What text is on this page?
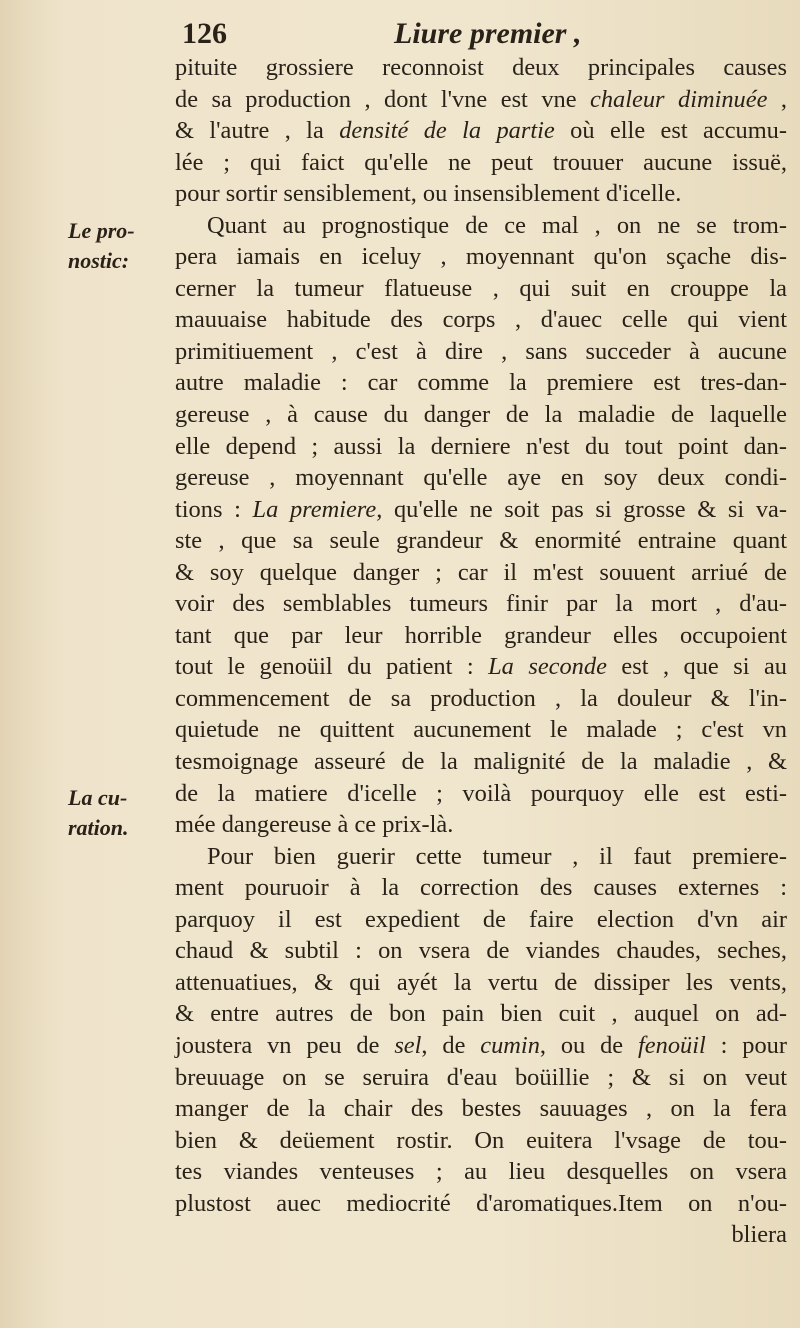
126	Liure premier ,
Le pro-
nostic:
La cu-
ration.
pituite grossiere reconnoist deux principales causes
de sa production , dont l'vne est vne chaleur diminuée ,
& l'autre , la densité de la partie où elle est accumu-
lée ; qui faict qu'elle ne peut trouuer aucune issuë,
pour sortir sensiblement, ou insensiblement d'icelle.
Quant au prognostique de ce mal , on ne se trom-
pera iamais en iceluy , moyennant qu'on sçache dis-
cerner la tumeur flatueuse , qui suit en crouppe la
mauuaise habitude des corps , d'auec celle qui vient
primitiuement , c'est à dire , sans succeder à aucune
autre maladie : car comme la premiere est tres-dan-
gereuse , à cause du danger de la maladie de laquelle
elle depend ; aussi la derniere n'est du tout point dan-
gereuse , moyennant qu'elle aye en soy deux condi-
tions : La premiere, qu'elle ne soit pas si grosse & si va-
ste , que sa seule grandeur & enormité entraine quant
& soy quelque danger ; car il m'est souuent arriué de
voir des semblables tumeurs finir par la mort , d'au-
tant que par leur horrible grandeur elles occupoient
tout le genoüil du patient : La seconde est , que si au
commencement de sa production , la douleur & l'in-
quietude ne quittent aucunement le malade ; c'est vn
tesmoignage asseuré de la malignité de la maladie , &
de la matiere d'icelle ; voilà pourquoy elle est esti-
mée dangereuse à ce prix-là.
Pour bien guerir cette tumeur , il faut premiere-
ment pouruoir à la correction des causes externes :
parquoy il est expedient de faire election d'vn air
chaud & subtil : on vsera de viandes chaudes, seches,
attenuatiues, & qui ayét la vertu de dissiper les vents,
& entre autres de bon pain bien cuit , auquel on ad-
joustera vn peu de sel, de cumin, ou de fenoüil : pour
breuuage on se seruira d'eau boüillie ; & si on veut
manger de la chair des bestes sauuages , on la fera
bien & deüement rostir. On euitera l'vsage de tou-
tes viandes venteuses ; au lieu desquelles on vsera
plustost auec mediocrité d'aromatiques.Item on n'ou-
bliera
